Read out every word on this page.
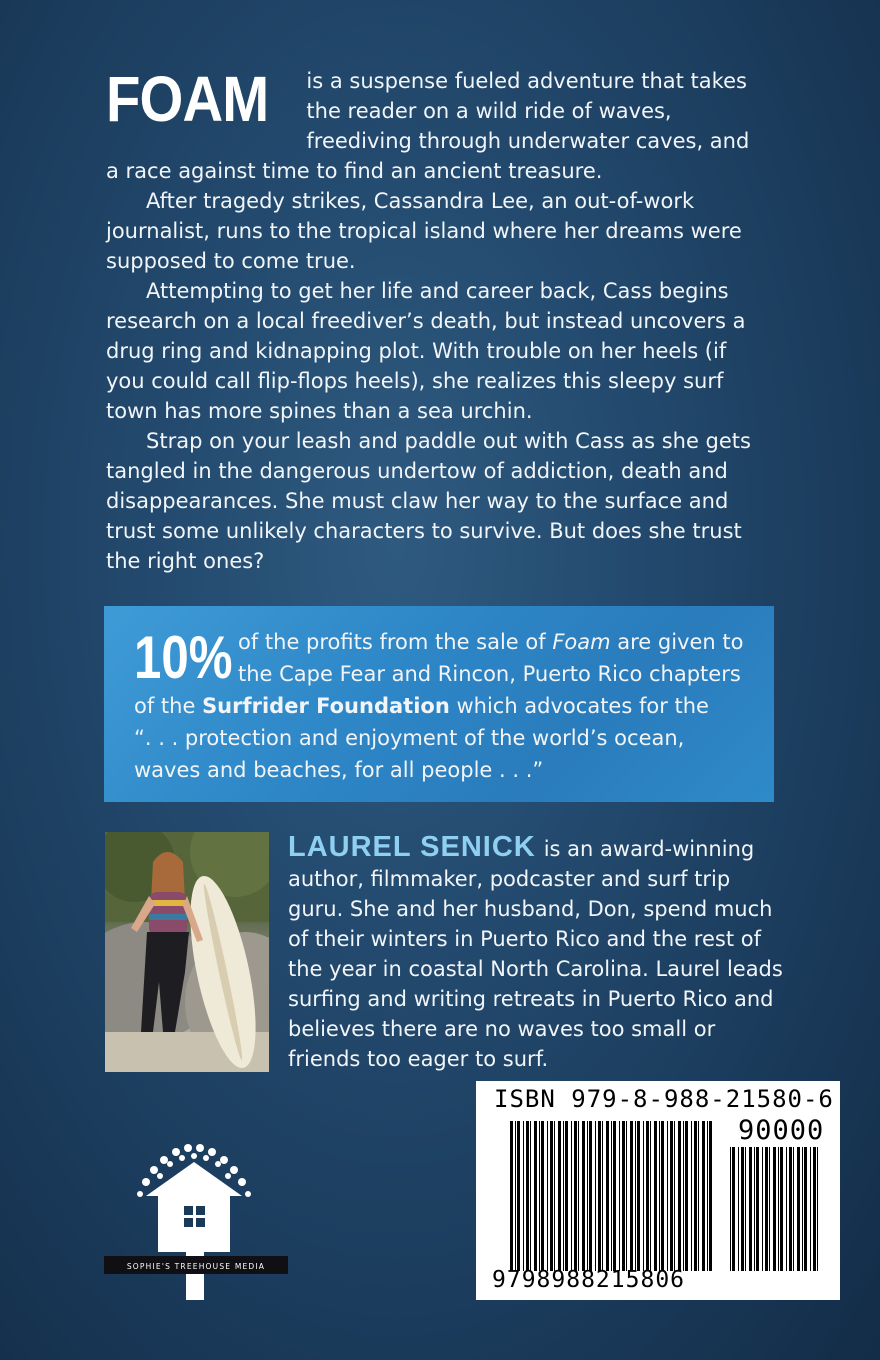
FOAM is a suspense fueled adventure that takes the reader on a wild ride of waves, freediving through underwater caves, and a race against time to find an ancient treasure.

After tragedy strikes, Cassandra Lee, an out-of-work journalist, runs to the tropical island where her dreams were supposed to come true.

Attempting to get her life and career back, Cass begins research on a local freediver’s death, but instead uncovers a drug ring and kidnapping plot. With trouble on her heels (if you could call flip-flops heels), she realizes this sleepy surf town has more spines than a sea urchin.

Strap on your leash and paddle out with Cass as she gets tangled in the dangerous undertow of addiction, death and disappearances. She must claw her way to the surface and trust some unlikely characters to survive. But does she trust the right ones?

10% of the profits from the sale of Foam are given to
the Cape Fear and Rincon, Puerto Rico chapters
of the Surfrider Foundation which advocates for the
“. . . protection and enjoyment of the world’s ocean,
waves and beaches, for all people . . .”
LAUREL SENICK is an award-winning author, filmmaker, podcaster and surf trip guru. She and her husband, Don, spend much of their winters in Puerto Rico and the rest of the year in coastal North Carolina. Laurel leads surfing and writing retreats in Puerto Rico and believes there are no waves too small or friends too eager to surf.
SOPHIE'S TREEHOUSE MEDIA
ISBN 979-8-988-21580-6
90000
9798988215806
